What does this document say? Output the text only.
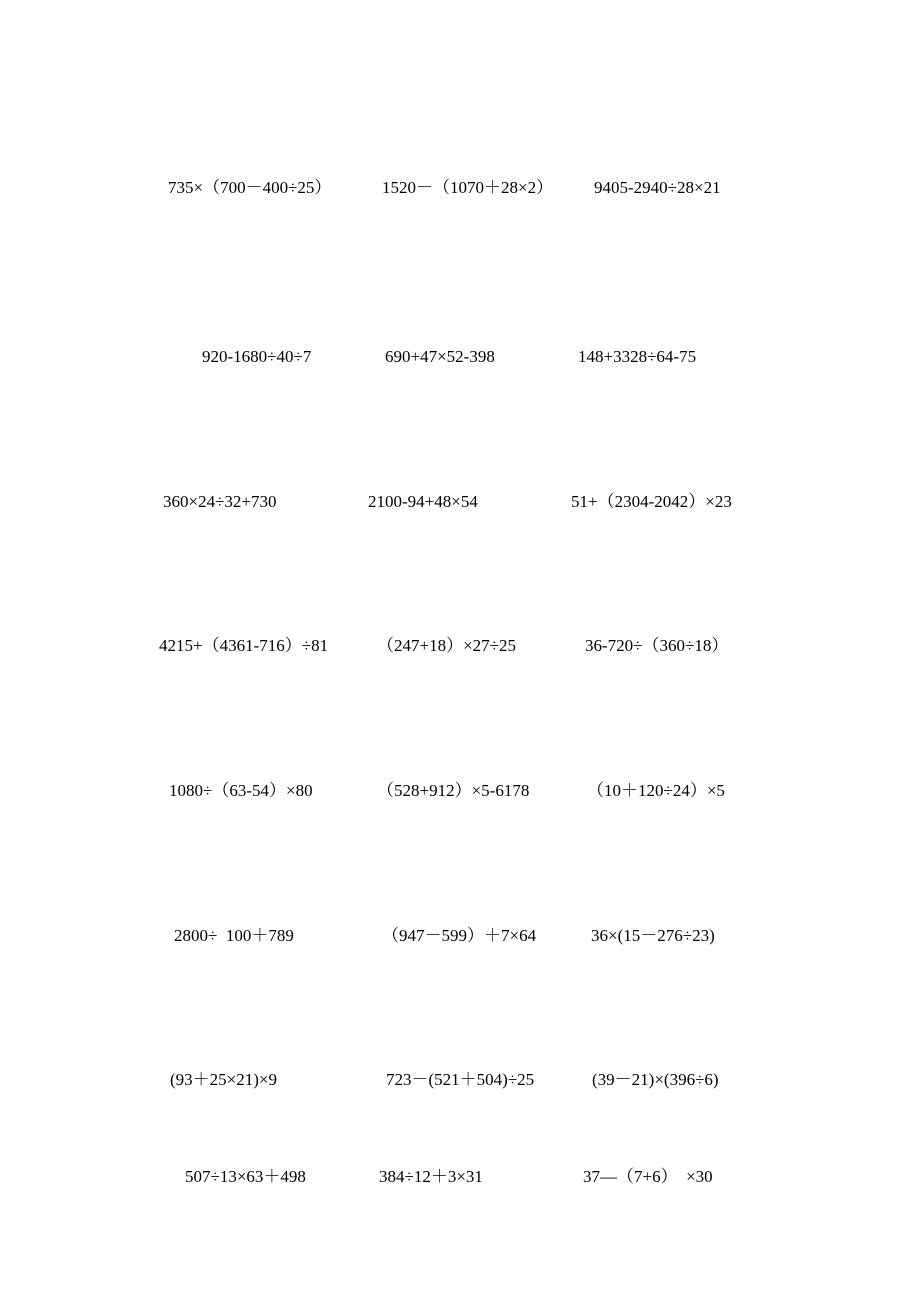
735×（700－400÷25）	1520－（1070＋28×2） 9405-2940÷28×21
920-1680÷40÷7	690+47×52-398	148+3328÷64-75
360×24÷32+730	2100-94+48×54	51+（2304-2042）×23
4215+（4361-716）÷81	（247+18）×27÷25	36-720÷（360÷18）
1080÷（63-54）×80	（528+912）×5-6178	（10＋120÷24）×5
2800÷  100＋789	（947－599）＋7×64	36×(15－276÷23)
(93＋25×21)×9	723－(521＋504)÷25	(39－21)×(396÷6)
507÷13×63＋498	384÷12＋3×31	37—（7+6）  ×30
